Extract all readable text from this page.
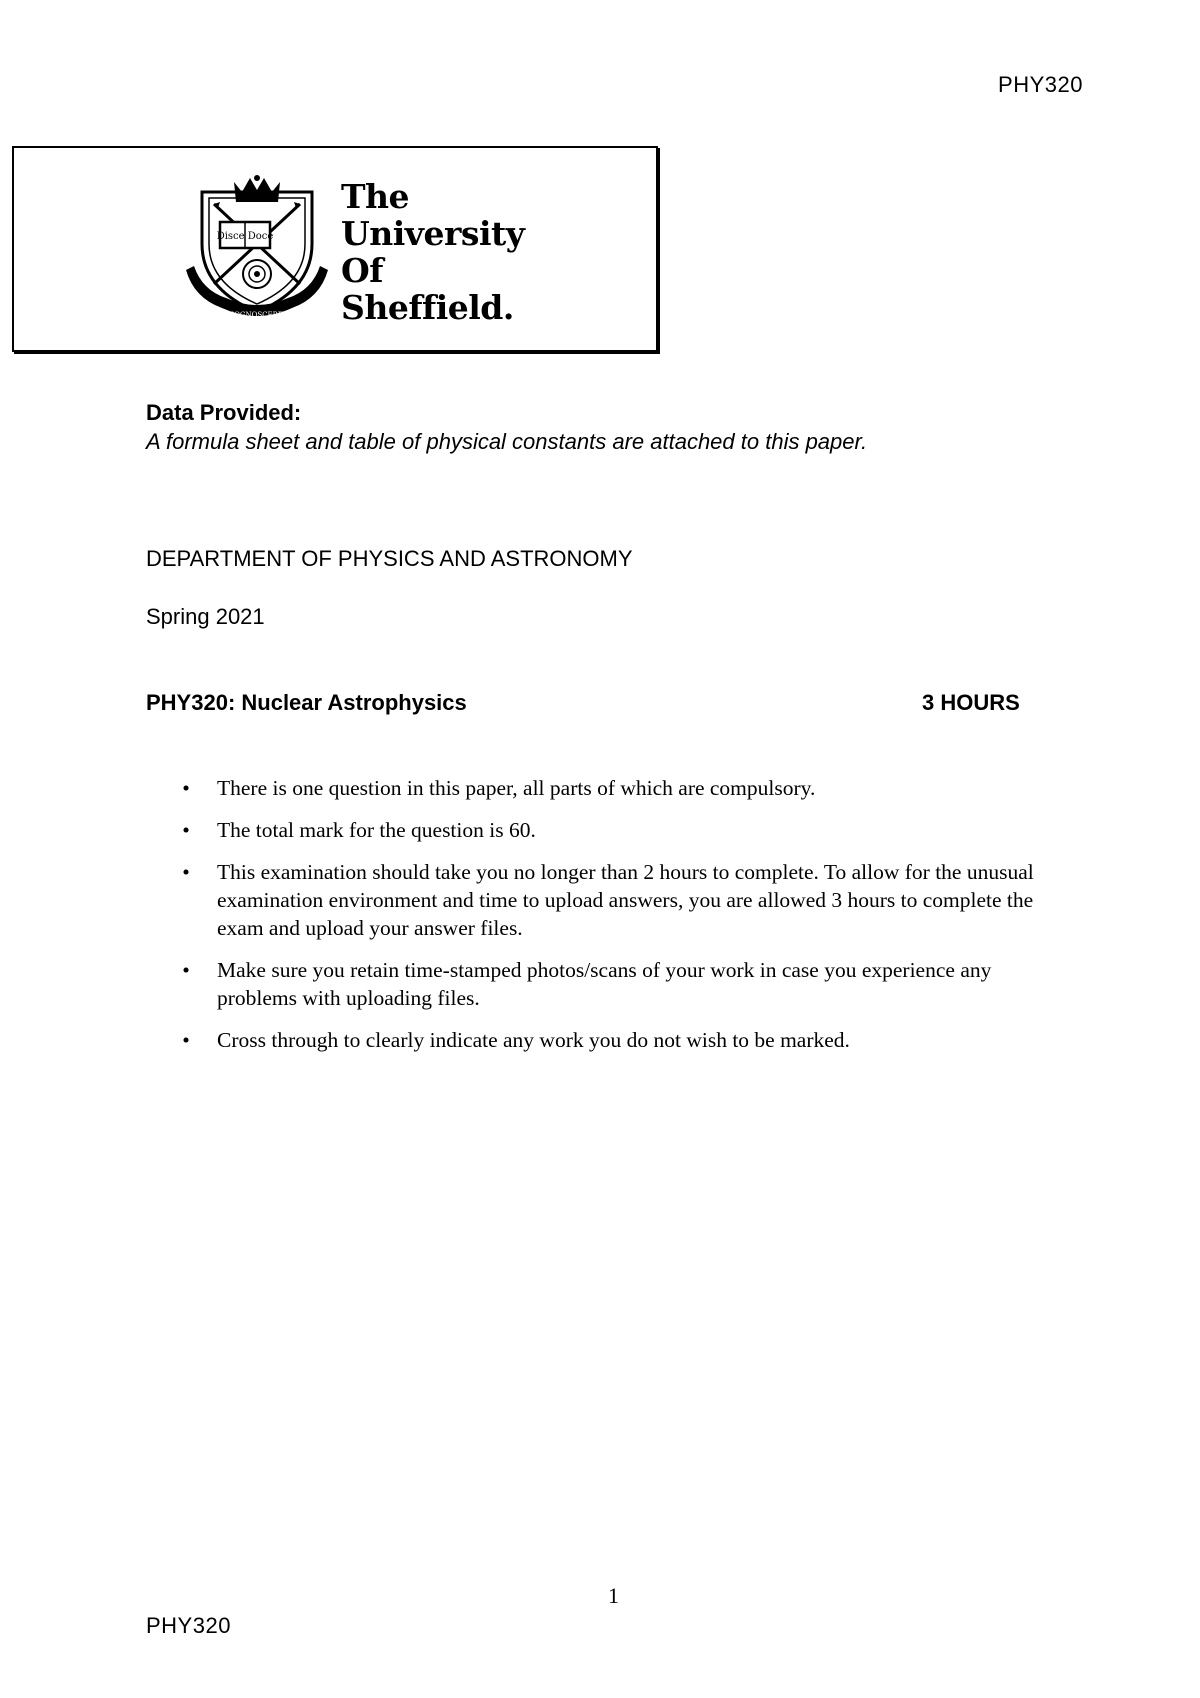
PHY320
Disce Doce
RERVM COGNOSCERE CAVSAS
The
University
Of
Sheffield.
Data Provided:
A formula sheet and table of physical constants are attached to this paper.
DEPARTMENT OF PHYSICS AND ASTRONOMY
Spring 2021
PHY320: Nuclear Astrophysics	3 HOURS
• There is one question in this paper, all parts of which are compulsory.
• The total mark for the question is 60.
• This examination should take you no longer than 2 hours to complete. To allow for the unusual examination environment and time to upload answers, you are allowed 3 hours to complete the exam and upload your answer files.
• Make sure you retain time-stamped photos/scans of your work in case you experience any problems with uploading files.
• Cross through to clearly indicate any work you do not wish to be marked.
1
PHY320
